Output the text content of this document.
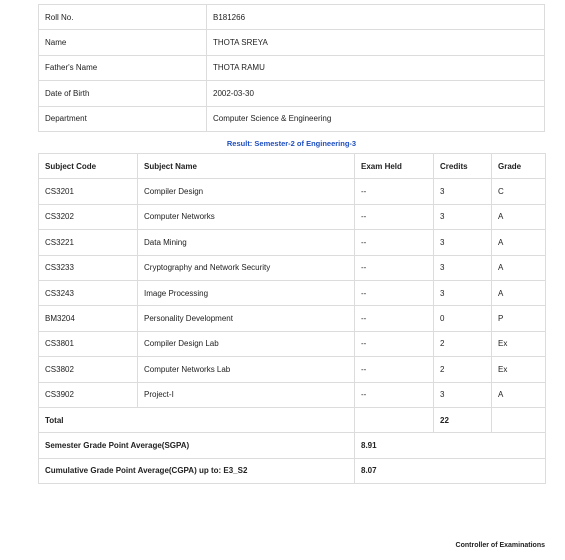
Roll No.	B181266
Name	THOTA SREYA
Father's Name	THOTA RAMU
Date of Birth	2002-03-30
Department	Computer Science & Engineering
Result: Semester-2 of Engineering-3
Subject Code	Subject Name	Exam Held	Credits	Grade
CS3201	Compiler Design	--	3	C
CS3202	Computer Networks	--	3	A
CS3221	Data Mining	--	3	A
CS3233	Cryptography and Network Security	--	3	A
CS3243	Image Processing	--	3	A
BM3204	Personality Development	--	0	P
CS3801	Compiler Design Lab	--	2	Ex
CS3802	Computer Networks Lab	--	2	Ex
CS3902	Project-I	--	3	A
Total			22	
Semester Grade Point Average(SGPA)		8.91		
Cumulative Grade Point Average(CGPA) up to: E3_S2		8.07		
Controller of Examinations
